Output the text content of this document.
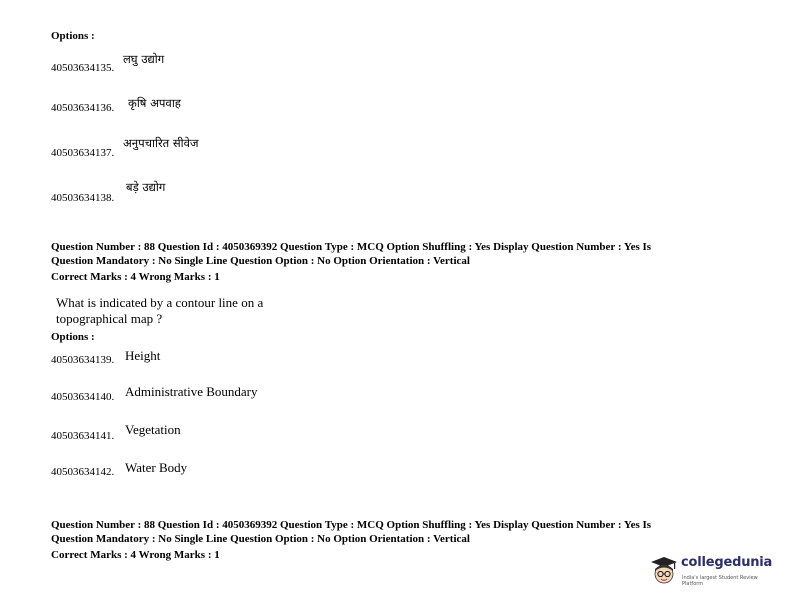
Options :
40503634135.
लघु उद्योग
40503634136. कृषि अपवाह
40503634137.
अनुपचारित सीवेज
40503634138.
बड़े उद्योग
Question Number : 88 Question Id : 4050369392 Question Type : MCQ Option Shuffling : Yes Display Question Number : Yes Is
Question Mandatory : No Single Line Question Option : No Option Orientation : Vertical
Correct Marks : 4 Wrong Marks : 1
What is indicated by a contour line on a
topographical map ?
Options :
40503634139. Height
40503634140. Administrative Boundary
40503634141. Vegetation
40503634142. Water Body
Question Number : 88 Question Id : 4050369392 Question Type : MCQ Option Shuffling : Yes Display Question Number : Yes Is
Question Mandatory : No Single Line Question Option : No Option Orientation : Vertical
Correct Marks : 4 Wrong Marks : 1	collegedunia
India's largest Student Review Platform
